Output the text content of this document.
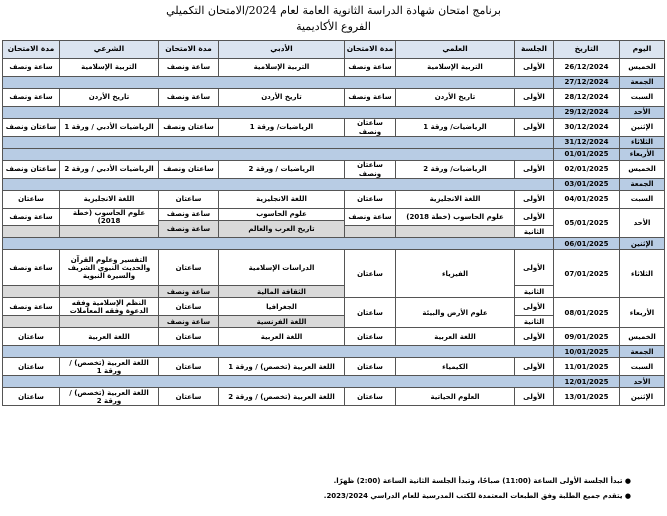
برنامج امتحان شهادة الدراسة الثانوية العامة لعام 2024/الامتحان التكميلي
الفروع الأكاديمية
اليوم	التاريخ	الجلسة	العلمي	مدة الامتحان	الأدبي	مدة الامتحان	الشرعي	مدة الامتحان
الخميس	26/12/2024	الأولى	التربية الإسلامية	ساعة ونصف	التربية الإسلامية	ساعة ونصف	التربية الإسلامية	ساعة ونصف
الجمعة	27/12/2024							
السبت	28/12/2024	الأولى	تاريخ الأردن	ساعة ونصف	تاريخ الأردن	ساعة ونصف	تاريخ الأردن	ساعة ونصف
الأحد	29/12/2024							
الإثنين	30/12/2024	الأولى	الرياضيات/ ورقة 1	ساعتان ونصف	الرياضيات/ ورقة 1	ساعتان ونصف	الرياضيات الأدبي / ورقة 1	ساعتان ونصف
الثلاثاء	31/12/2024							
الأربعاء	01/01/2025							
الخميس	02/01/2025	الأولى	الرياضيات/ ورقة 2	ساعتان ونصف	الرياضيات / ورقة 2	ساعتان ونصف	الرياضيات الأدبي / ورقة 2	ساعتان ونصف
الجمعة	03/01/2025							
السبت	04/01/2025	الأولى	اللغة الانجليزية	ساعتان	اللغة الانجليزية	ساعتان	اللغة الانجليزية	ساعتان
الأحد	05/01/2025	الأولى	علوم الحاسوب (خطة 2018)	ساعة ونصف	علوم الحاسوب	ساعة ونصف	علوم الحاسوب (خطة 2018)	ساعة ونصف
					تاريخ العرب والعالم	ساعة ونصف		
		الثانية						
الإثنين	06/01/2025							
الثلاثاء	07/01/2025	الأولى	الفيزياء	ساعتان	الدراسات الإسلامية	ساعتان	التفسير وعلوم القرآن والحديث النبوي الشريف والسيرة النبوية	ساعة ونصف
		الثانية			الثقافة المالية	ساعة ونصف		
الأربعاء	08/01/2025	الأولى	علوم الأرض والبيئة	ساعتان	الجغرافيا	ساعتان	النظم الإسلامية وفقه الدعوة وفقه المعاملات	ساعة ونصف
		الثانية			اللغة الفرنسية	ساعة ونصف		
الخميس	09/01/2025	الأولى	اللغة العربية	ساعتان	اللغة العربية	ساعتان	اللغة العربية	ساعتان
الجمعة	10/01/2025							
السبت	11/01/2025	الأولى	الكيمياء	ساعتان	اللغة العربية (تخصص) / ورقة 1	ساعتان	اللغة العربية (تخصص) / ورقة 1	ساعتان
الأحد	12/01/2025							
الإثنين	13/01/2025	الأولى	العلوم الحياتية	ساعتان	اللغة العربية (تخصص) / ورقة 2	ساعتان	اللغة العربية (تخصص) / ورقة 2	ساعتان
● تبدأ الجلسة الأولى الساعة (11:00) صباحًا، وتبدأ الجلسة الثانية الساعة (2:00) ظهرًا.
● يتقدم جميع الطلبة وفق الطبعات المعتمدة للكتب المدرسية للعام الدراسي 2023/2024.
